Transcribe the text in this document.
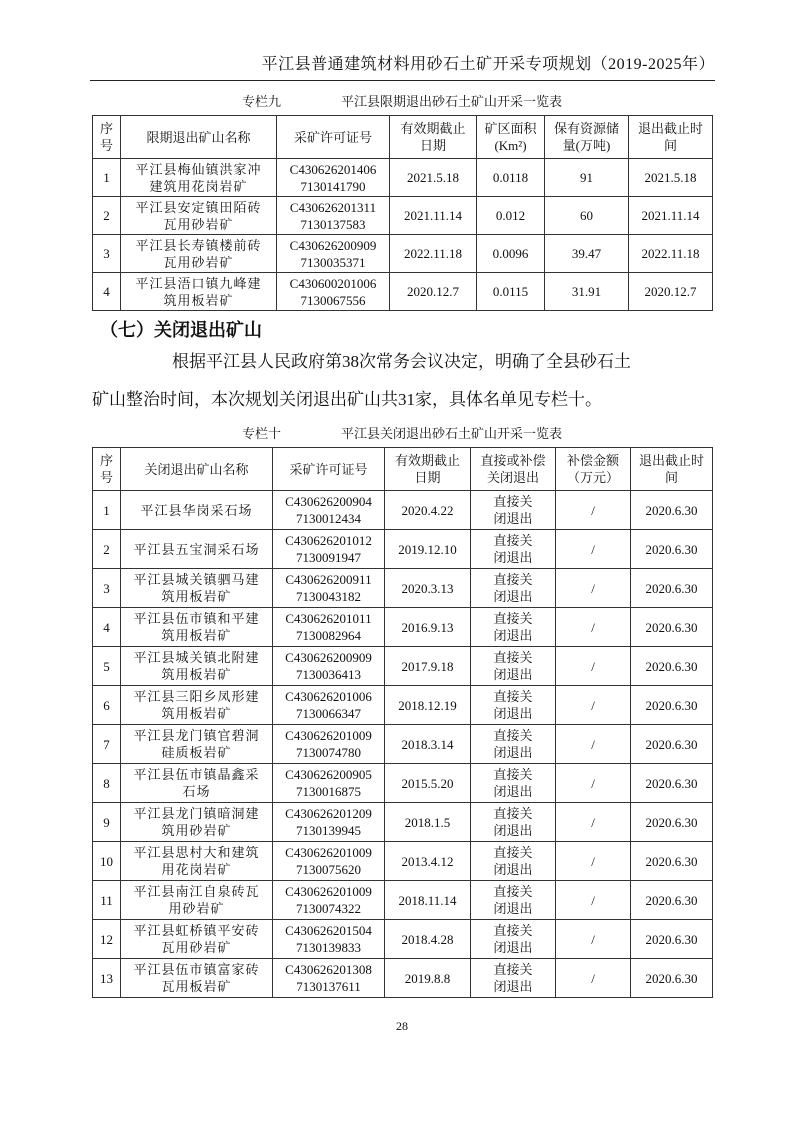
平江县普通建筑材料用砂石土矿开采专项规划（2019-2025年）
专栏九	平江县限期退出砂石土矿山开采一览表
序号	限期退出矿山名称	采矿许可证号	有效期截止日期	矿区面积(Km²)	保有资源储量(万吨)	退出截止时间
1	平江县梅仙镇洪家冲建筑用花岗岩矿	C430626201406 7130141790	2021.5.18	0.0118	91	2021.5.18
2	平江县安定镇田陌砖瓦用砂岩矿	C430626201311 7130137583	2021.11.14	0.012	60	2021.11.14
3	平江县长寿镇楼前砖瓦用砂岩矿	C430626200909 7130035371	2022.11.18	0.0096	39.47	2022.11.18
4	平江县浯口镇九峰建筑用板岩矿	C430600201006 7130067556	2020.12.7	0.0115	31.91	2020.12.7
（七）关闭退出矿山

根据平江县人民政府第38次常务会议决定，明确了全县砂石土

矿山整治时间，本次规划关闭退出矿山共31家，具体名单见专栏十。

专栏十	平江县关闭退出砂石土矿山开采一览表
序号	关闭退出矿山名称	采矿许可证号	有效期截止日期	直接或补偿关闭退出	补偿金额（万元）	退出截止时间
1	平江县华岗采石场	C430626200904 7130012434	2020.4.22	直接关闭退出	/	2020.6.30
2	平江县五宝洞采石场	C430626201012 7130091947	2019.12.10	直接关闭退出	/	2020.6.30
3	平江县城关镇驷马建筑用板岩矿	C430626200911 7130043182	2020.3.13	直接关闭退出	/	2020.6.30
4	平江县伍市镇和平建筑用板岩矿	C430626201011 7130082964	2016.9.13	直接关闭退出	/	2020.6.30
5	平江县城关镇北附建筑用板岩矿	C430626200909 7130036413	2017.9.18	直接关闭退出	/	2020.6.30
6	平江县三阳乡凤形建筑用板岩矿	C430626201006 7130066347	2018.12.19	直接关闭退出	/	2020.6.30
7	平江县龙门镇官碧洞硅质板岩矿	C430626201009 7130074780	2018.3.14	直接关闭退出	/	2020.6.30
8	平江县伍市镇晶鑫采石场	C430626200905 7130016875	2015.5.20	直接关闭退出	/	2020.6.30
9	平江县龙门镇暗洞建筑用砂岩矿	C430626201209 7130139945	2018.1.5	直接关闭退出	/	2020.6.30
10	平江县思村大和建筑用花岗岩矿	C430626201009 7130075620	2013.4.12	直接关闭退出	/	2020.6.30
11	平江县南江自泉砖瓦用砂岩矿	C430626201009 7130074322	2018.11.14	直接关闭退出	/	2020.6.30
12	平江县虹桥镇平安砖瓦用砂岩矿	C430626201504 7130139833	2018.4.28	直接关闭退出	/	2020.6.30
13	平江县伍市镇富家砖瓦用板岩矿	C430626201308 7130137611	2019.8.8	直接关闭退出	/	2020.6.30
28
